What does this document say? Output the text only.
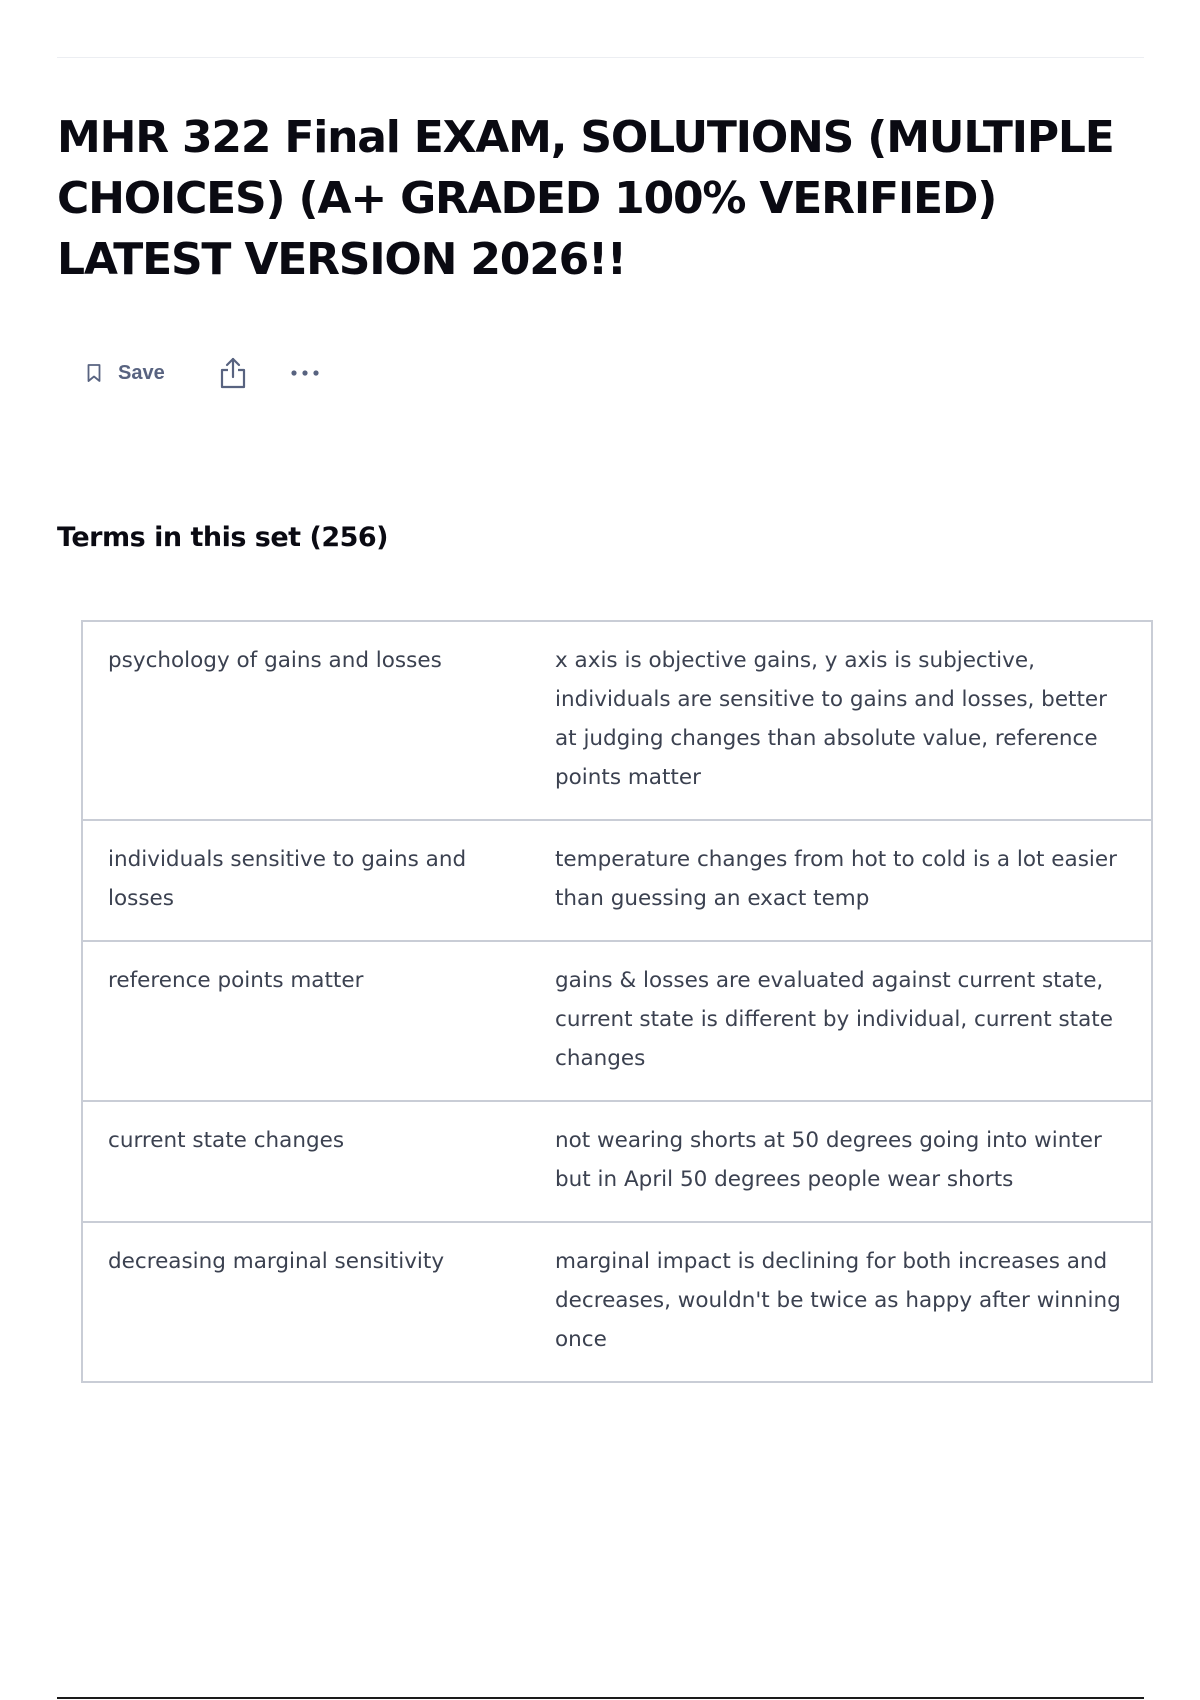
MHR 322 Final EXAM, SOLUTIONS (MULTIPLE CHOICES) (A+ GRADED 100% VERIFIED) LATEST VERSION 2026!!
Save
Terms in this set (256)
psychology of gains and losses	x axis is objective gains, y axis is subjective, individuals are sensitive to gains and losses, better at judging changes than absolute value, reference points matter
individuals sensitive to gains and losses	temperature changes from hot to cold is a lot easier than guessing an exact temp
reference points matter	gains & losses are evaluated against current state, current state is different by individual, current state changes
current state changes	not wearing shorts at 50 degrees going into winter but in April 50 degrees people wear shorts
decreasing marginal sensitivity	marginal impact is declining for both increases and decreases, wouldn't be twice as happy after winning once
